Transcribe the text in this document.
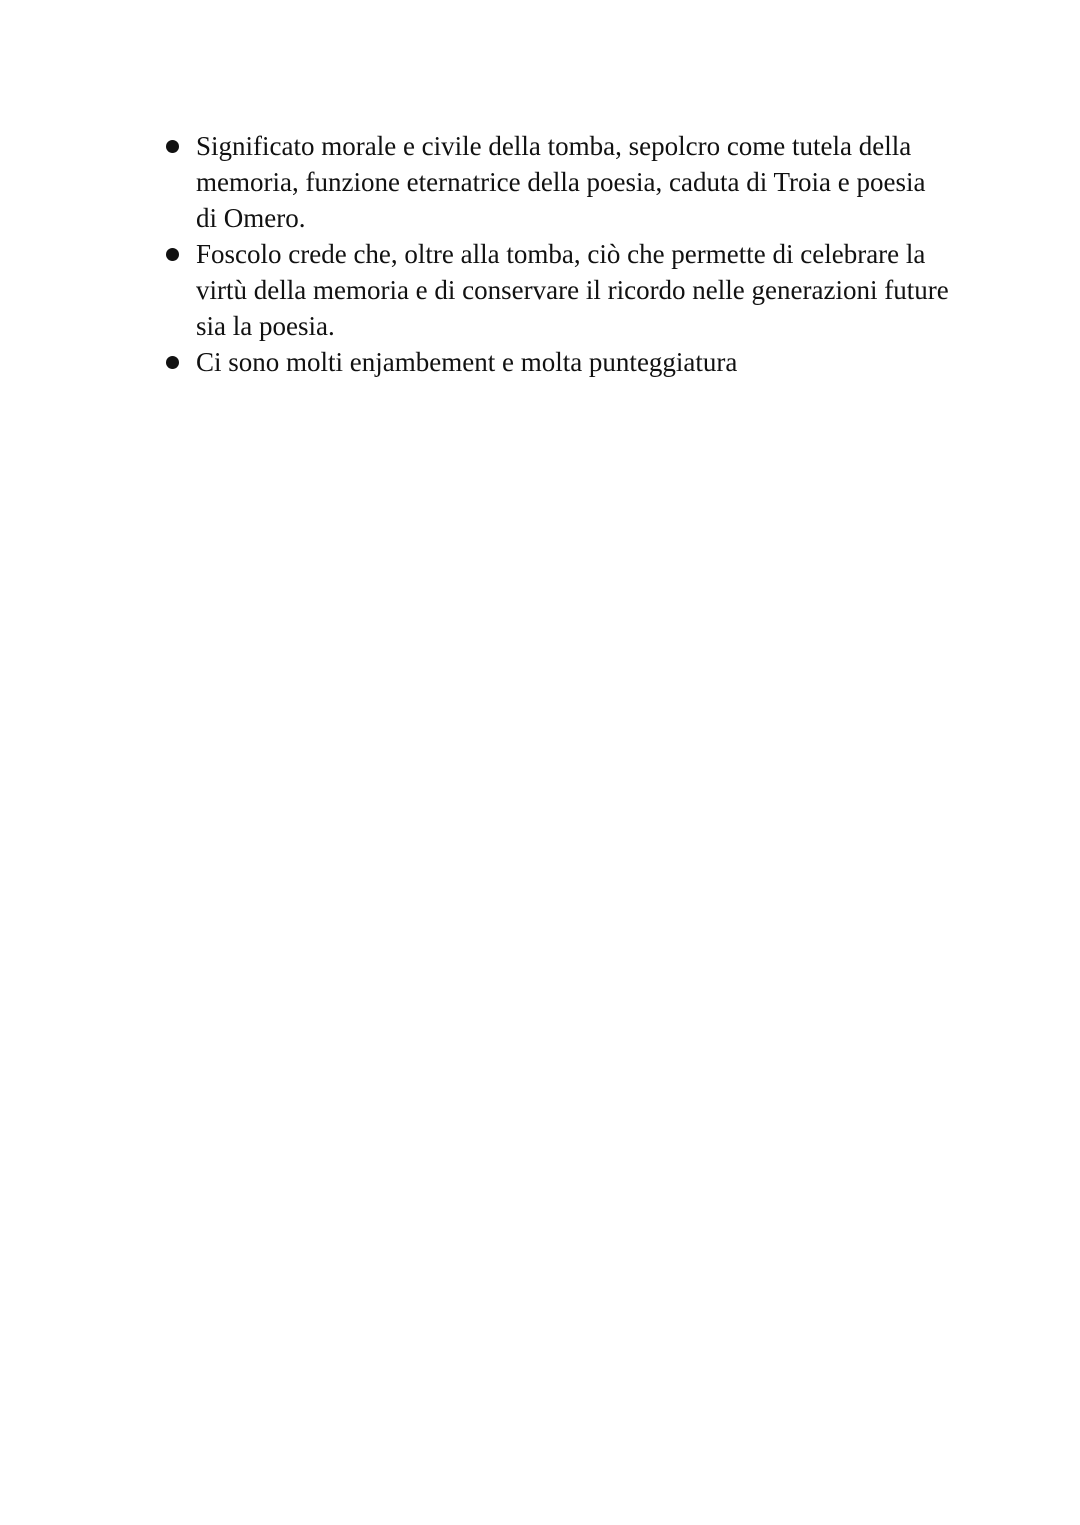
Significato morale e civile della tomba, sepolcro come tutela della memoria, funzione eternatrice della poesia, caduta di Troia e poesia di Omero.
Foscolo crede che, oltre alla tomba, ciò che permette di celebrare la virtù della memoria e di conservare il ricordo nelle generazioni future sia la poesia.
Ci sono molti enjambement e molta punteggiatura
